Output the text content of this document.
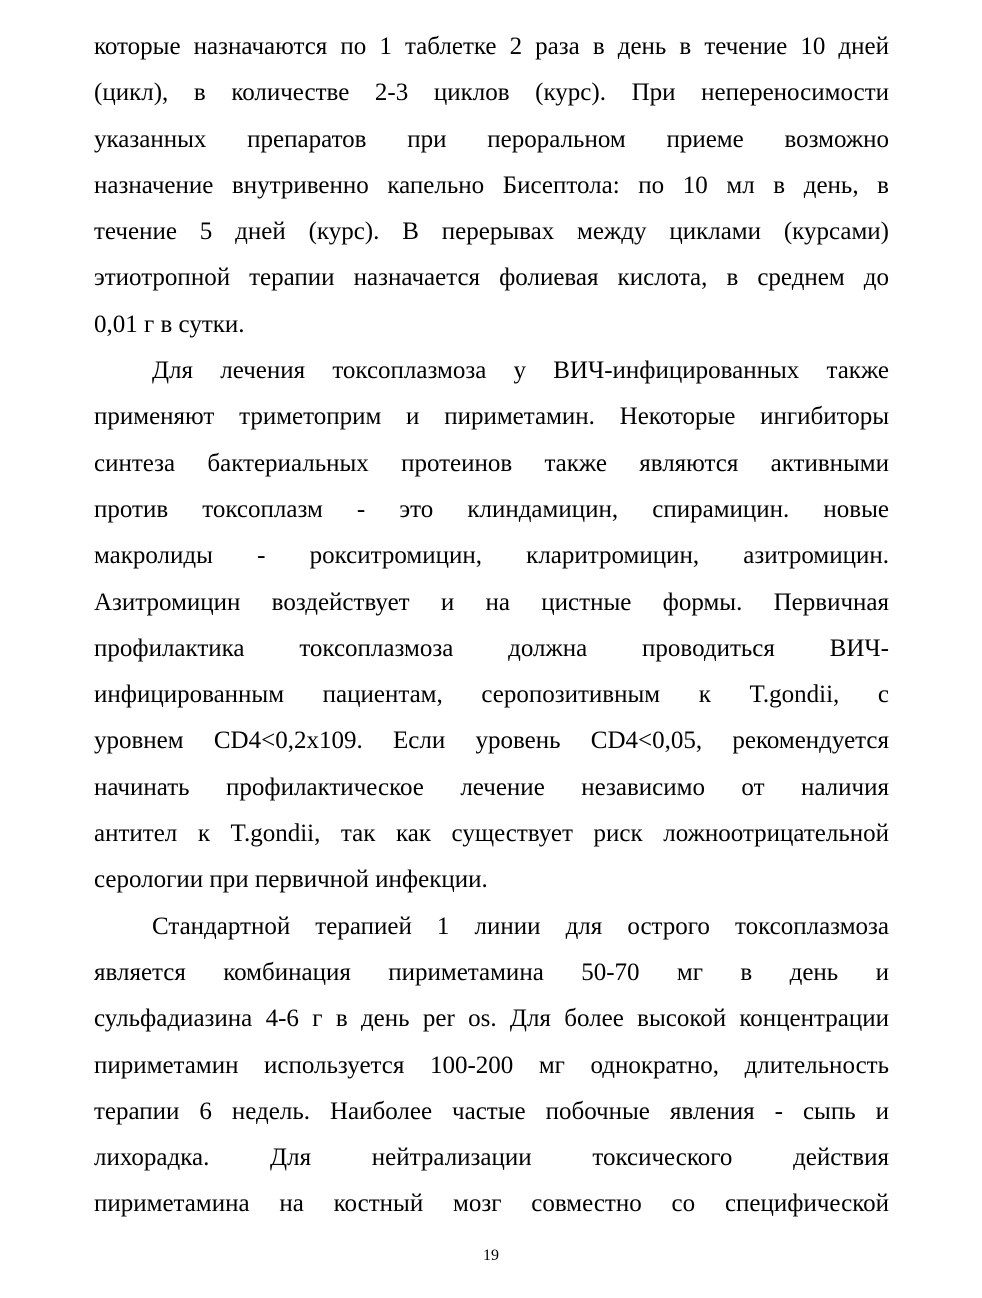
которые назначаются по 1 таблетке 2 раза в день в течение 10 дней
(цикл), в количестве 2-3 циклов (курс). При непереносимости
указанных препаратов при пероральном приеме возможно
назначение внутривенно капельно Бисептола: по 10 мл в день, в
течение 5 дней (курс). В перерывах между циклами (курсами)
этиотропной терапии назначается фолиевая кислота, в среднем до
0,01 г в сутки.
Для лечения токсоплазмоза у ВИЧ-инфицированных также
применяют триметоприм и пириметамин. Некоторые ингибиторы
синтеза бактериальных протеинов также являются активными
против токсоплазм - это клиндамицин, спирамицин. новые
макролиды - рокситромицин, кларитромицин, азитромицин.
Азитромицин воздействует и на цистные формы. Первичная
профилактика токсоплазмоза должна проводиться ВИЧ-
инфицированным пациентам, серопозитивным к T.gondii, с
уровнем CD4<0,2x109. Если уровень CD4<0,05, рекомендуется
начинать профилактическое лечение независимо от наличия
антител к T.gondii, так как существует риск ложноотрицательной
серологии при первичной инфекции.
Стандартной терапией 1 линии для острого токсоплазмоза
является комбинация пириметамина 50-70 мг в день и
сульфадиазина 4-6 г в день per os. Для более высокой концентрации
пириметамин используется 100-200 мг однократно, длительность
терапии 6 недель. Наиболее частые побочные явления - сыпь и
лихорадка. Для нейтрализации токсического действия
пириметамина на костный мозг совместно со специфической
19
